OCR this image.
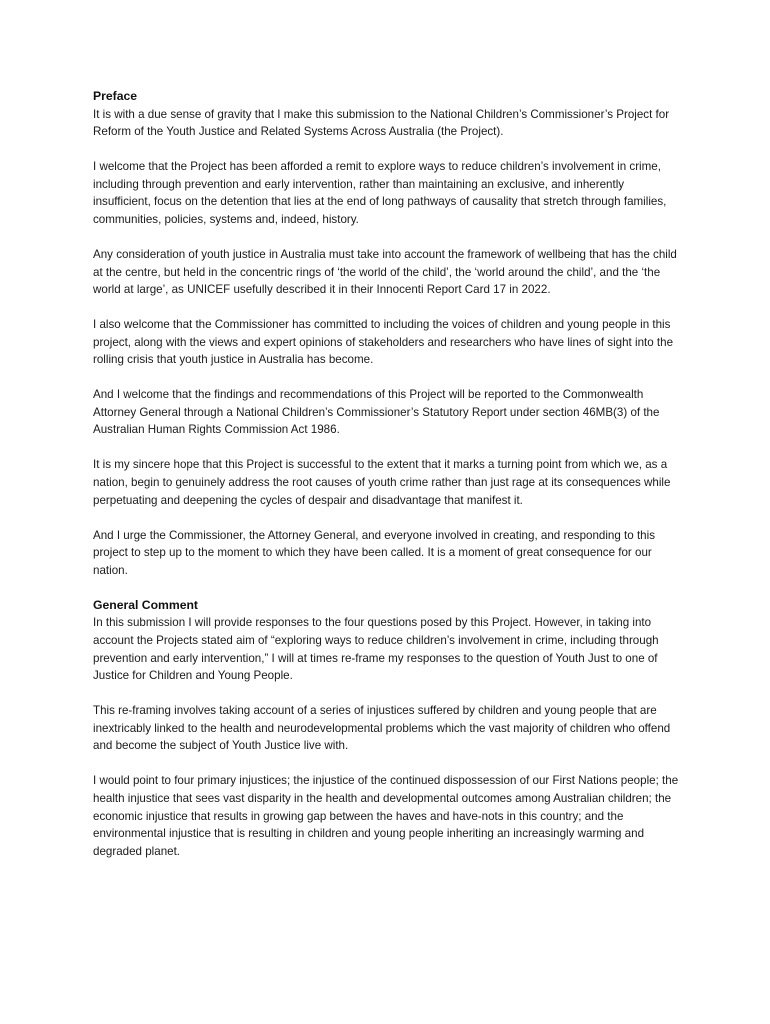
Preface

It is with a due sense of gravity that I make this submission to the National Children’s Commissioner’s Project for Reform of the Youth Justice and Related Systems Across Australia (the Project).

I welcome that the Project has been afforded a remit to explore ways to reduce children’s involvement in crime, including through prevention and early intervention, rather than maintaining an exclusive, and inherently insufficient, focus on the detention that lies at the end of long pathways of causality that stretch through families, communities, policies, systems and, indeed, history.

Any consideration of youth justice in Australia must take into account the framework of wellbeing that has the child at the centre, but held in the concentric rings of ‘the world of the child’, the ‘world around the child’, and the ‘the world at large’, as UNICEF usefully described it in their Innocenti Report Card 17 in 2022.

I also welcome that the Commissioner has committed to including the voices of children and young people in this project, along with the views and expert opinions of stakeholders and researchers who have lines of sight into the rolling crisis that youth justice in Australia has become.

And I welcome that the findings and recommendations of this Project will be reported to the Commonwealth Attorney General through a National Children’s Commissioner’s Statutory Report under section 46MB(3) of the Australian Human Rights Commission Act 1986.

It is my sincere hope that this Project is successful to the extent that it marks a turning point from which we, as a nation, begin to genuinely address the root causes of youth crime rather than just rage at its consequences while perpetuating and deepening the cycles of despair and disadvantage that manifest it.

And I urge the Commissioner, the Attorney General, and everyone involved in creating, and responding to this project to step up to the moment to which they have been called. It is a moment of great consequence for our nation.

General Comment

In this submission I will provide responses to the four questions posed by this Project. However, in taking into account the Projects stated aim of “exploring ways to reduce children’s involvement in crime, including through prevention and early intervention,” I will at times re-frame my responses to the question of Youth Just to one of Justice for Children and Young People.

This re-framing involves taking account of a series of injustices suffered by children and young people that are inextricably linked to the health and neurodevelopmental problems which the vast majority of children who offend and become the subject of Youth Justice live with.

I would point to four primary injustices; the injustice of the continued dispossession of our First Nations people; the health injustice that sees vast disparity in the health and developmental outcomes among Australian children; the economic injustice that results in growing gap between the haves and have-nots in this country; and the environmental injustice that is resulting in children and young people inheriting an increasingly warming and degraded planet.
